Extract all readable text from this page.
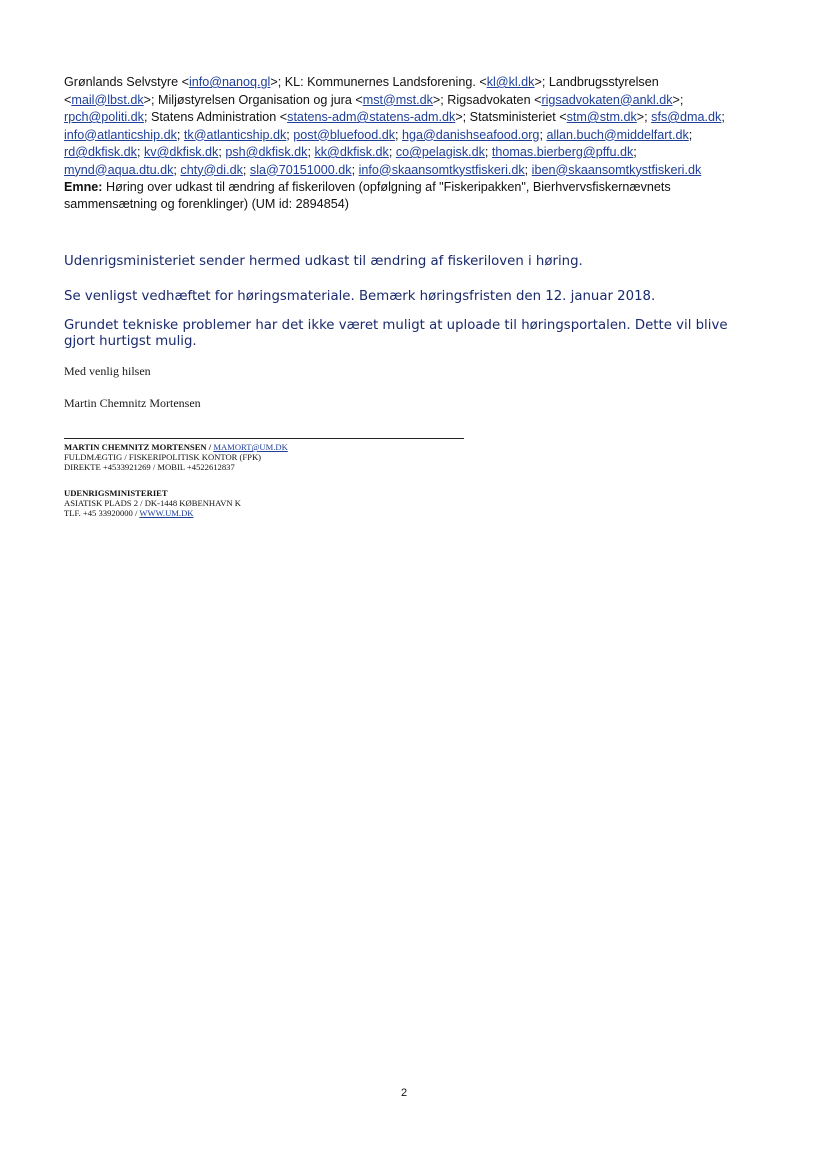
Grønlands Selvstyre <info@nanoq.gl>; KL: Kommunernes Landsforening. <kl@kl.dk>; Landbrugsstyrelsen <mail@lbst.dk>; Miljøstyrelsen Organisation og jura <mst@mst.dk>; Rigsadvokaten <rigsadvokaten@ankl.dk>; rpch@politi.dk; Statens Administration <statens-adm@statens-adm.dk>; Statsministeriet <stm@stm.dk>; sfs@dma.dk; info@atlanticship.dk; tk@atlanticship.dk; post@bluefood.dk; hga@danishseafood.org; allan.buch@middelfart.dk; rd@dkfisk.dk; kv@dkfisk.dk; psh@dkfisk.dk; kk@dkfisk.dk; co@pelagisk.dk; thomas.bierberg@pffu.dk; mynd@aqua.dtu.dk; chty@di.dk; sla@70151000.dk; info@skaansomtkystfiskeri.dk; iben@skaansomtkystfiskeri.dk
Emne: Høring over udkast til ændring af fiskeriloven (opfølgning af "Fiskeripakken", Bierhvervsfiskernævnets sammensætning og forenklinger) (UM id: 2894854)
Udenrigsministeriet sender hermed udkast til ændring af fiskeriloven i høring.
Se venligst vedhæftet for høringsmateriale. Bemærk høringsfristen den 12. januar 2018.
Grundet tekniske problemer har det ikke været muligt at uploade til høringsportalen. Dette vil blive gjort hurtigst mulig.
Med venlig hilsen
Martin Chemnitz Mortensen
MARTIN CHEMNITZ MORTENSEN / MAMORT@UM.DK
FULDMÆGTIG / FISKERIPOLITISK KONTOR (FPK)
DIREKTE +4533921269 / MOBIL +4522612837
UDENRIGSMINISTERIET
ASIATISK PLADS 2 / DK-1448 KØBENHAVN K
TLF. +45 33920000 / WWW.UM.DK
2
